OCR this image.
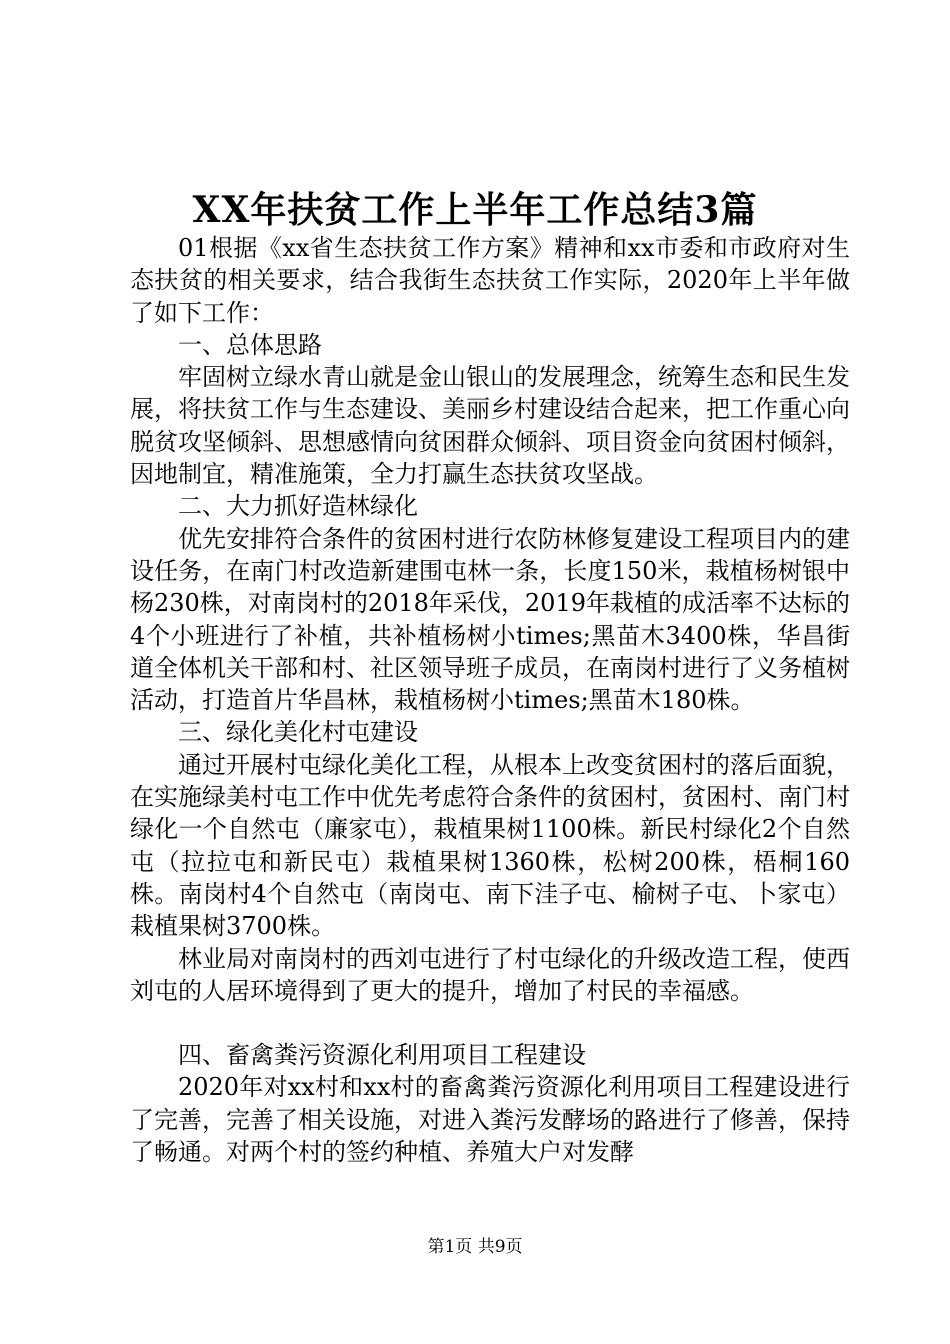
XX年扶贫工作上半年工作总结3篇

01根据《xx省生态扶贫工作方案》精神和xx市委和市政府对生态扶贫的相关要求，结合我街生态扶贫工作实际，2020年上半年做了如下工作：

一、总体思路

牢固树立绿水青山就是金山银山的发展理念，统筹生态和民生发展，将扶贫工作与生态建设、美丽乡村建设结合起来，把工作重心向脱贫攻坚倾斜、思想感情向贫困群众倾斜、项目资金向贫困村倾斜，因地制宜，精准施策，全力打赢生态扶贫攻坚战。

二、大力抓好造林绿化

优先安排符合条件的贫困村进行农防林修复建设工程项目内的建设任务，在南门村改造新建围屯林一条，长度150米，栽植杨树银中杨230株，对南岗村的2018年采伐，2019年栽植的成活率不达标的4个小班进行了补植，共补植杨树小times;黑苗木3400株，华昌街道全体机关干部和村、社区领导班子成员，在南岗村进行了义务植树活动，打造首片华昌林，栽植杨树小times;黑苗木180株。

三、绿化美化村屯建设

通过开展村屯绿化美化工程，从根本上改变贫困村的落后面貌，在实施绿美村屯工作中优先考虑符合条件的贫困村，贫困村、南门村绿化一个自然屯（廉家屯），栽植果树1100株。新民村绿化2个自然屯（拉拉屯和新民屯）栽植果树1360株，松树200株，梧桐160株。南岗村4个自然屯（南岗屯、南下洼子屯、榆树子屯、卜家屯）栽植果树3700株。

林业局对南岗村的西刘屯进行了村屯绿化的升级改造工程，使西刘屯的人居环境得到了更大的提升，增加了村民的幸福感。

四、畜禽粪污资源化利用项目工程建设

2020年对xx村和xx村的畜禽粪污资源化利用项目工程建设进行了完善，完善了相关设施，对进入粪污发酵场的路进行了修善，保持了畅通。对两个村的签约种植、养殖大户对发酵

第1页 共9页
